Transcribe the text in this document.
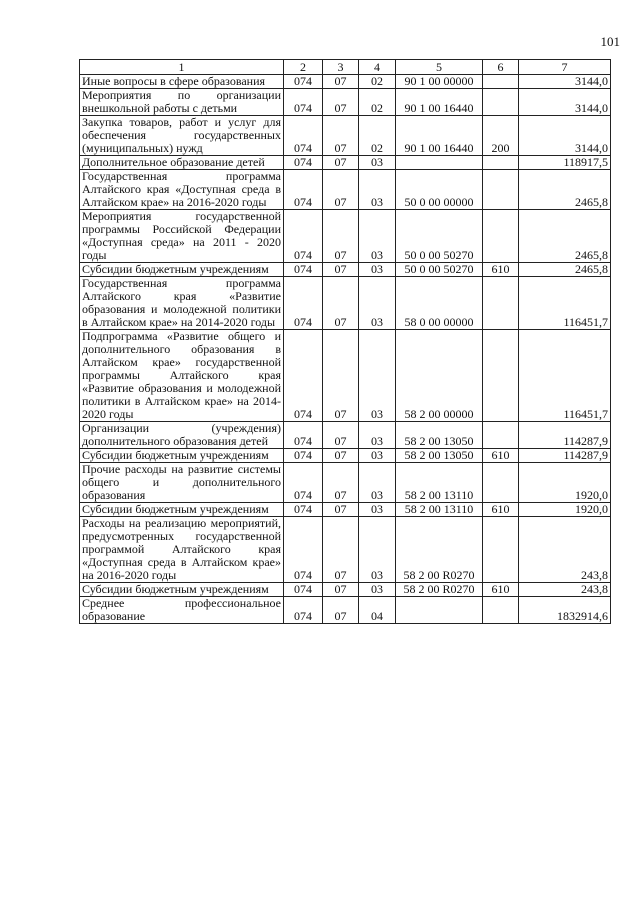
101
1	2	3	4	5	6	7
Иные вопросы в сфере образования	074	07	02	90 1 00 00000		3144,0
Мероприятия по организации внешкольной работы с детьми	074	07	02	90 1 00 16440		3144,0
Закупка товаров, работ и услуг для обеспечения государственных (муниципальных) нужд	074	07	02	90 1 00 16440	200	3144,0
Дополнительное образование детей	074	07	03			118917,5
Государственная программа Алтайского края «Доступная среда в Алтайском крае» на 2016-2020 годы	074	07	03	50 0 00 00000		2465,8
Мероприятия государственной программы Российской Федерации «Доступная среда» на 2011 - 2020 годы	074	07	03	50 0 00 50270		2465,8
Субсидии бюджетным учреждениям	074	07	03	50 0 00 50270	610	2465,8
Государственная программа Алтайского края «Развитие образования и молодежной политики в Алтайском крае» на 2014-2020 годы	074	07	03	58 0 00 00000		116451,7
Подпрограмма «Развитие общего и дополнительного образования в Алтайском крае» государственной программы Алтайского края «Развитие образования и молодежной политики в Алтайском крае» на 2014-2020 годы	074	07	03	58 2 00 00000		116451,7
Организации (учреждения) дополнительного образования детей	074	07	03	58 2 00 13050		114287,9
Субсидии бюджетным учреждениям	074	07	03	58 2 00 13050	610	114287,9
Прочие расходы на развитие системы общего и дополнительного образования	074	07	03	58 2 00 13110		1920,0
Субсидии бюджетным учреждениям	074	07	03	58 2 00 13110	610	1920,0
Расходы на реализацию мероприятий, предусмотренных государственной программой Алтайского края «Доступная среда в Алтайском крае» на 2016-2020 годы	074	07	03	58 2 00 R0270		243,8
Субсидии бюджетным учреждениям	074	07	03	58 2 00 R0270	610	243,8
Среднее профессиональное образование	074	07	04			1832914,6
